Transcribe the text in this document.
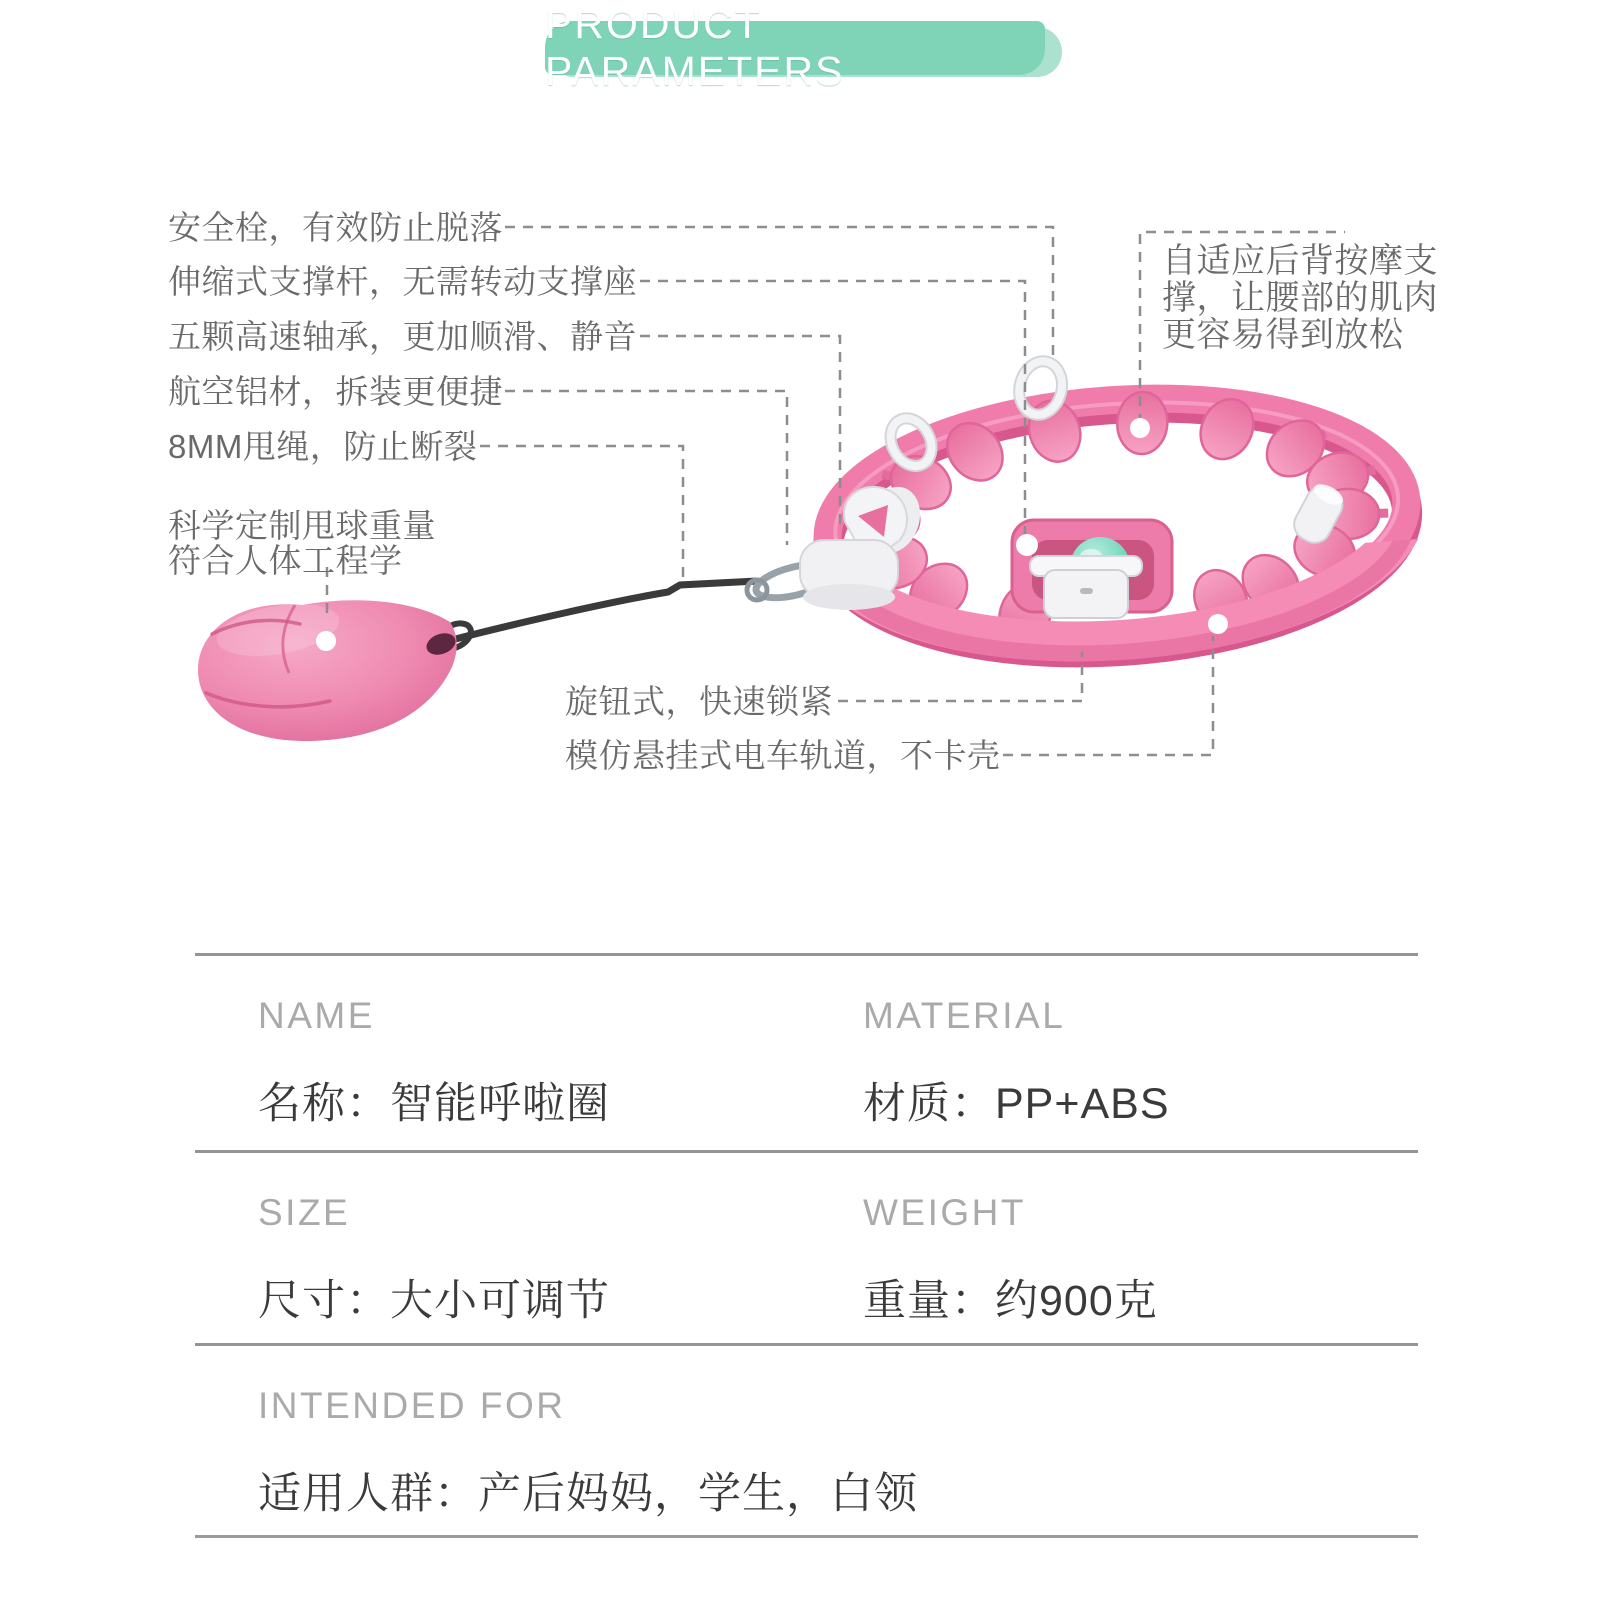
PRODUCT PARAMETERS
安全栓，有效防止脱落
伸缩式支撑杆，无需转动支撑座
五颗高速轴承，更加顺滑、静音
航空铝材，拆装更便捷
8MM甩绳，防止断裂
科学定制甩球重量
符合人体工程学
自适应后背按摩支撑，让腰部的肌肉更容易得到放松
旋钮式，快速锁紧
模仿悬挂式电车轨道，不卡壳
NAME
名称：智能呼啦圈
MATERIAL
材质：PP+ABS
SIZE
尺寸：大小可调节
WEIGHT
重量：约900克
INTENDED FOR
适用人群：产后妈妈，学生，白领
